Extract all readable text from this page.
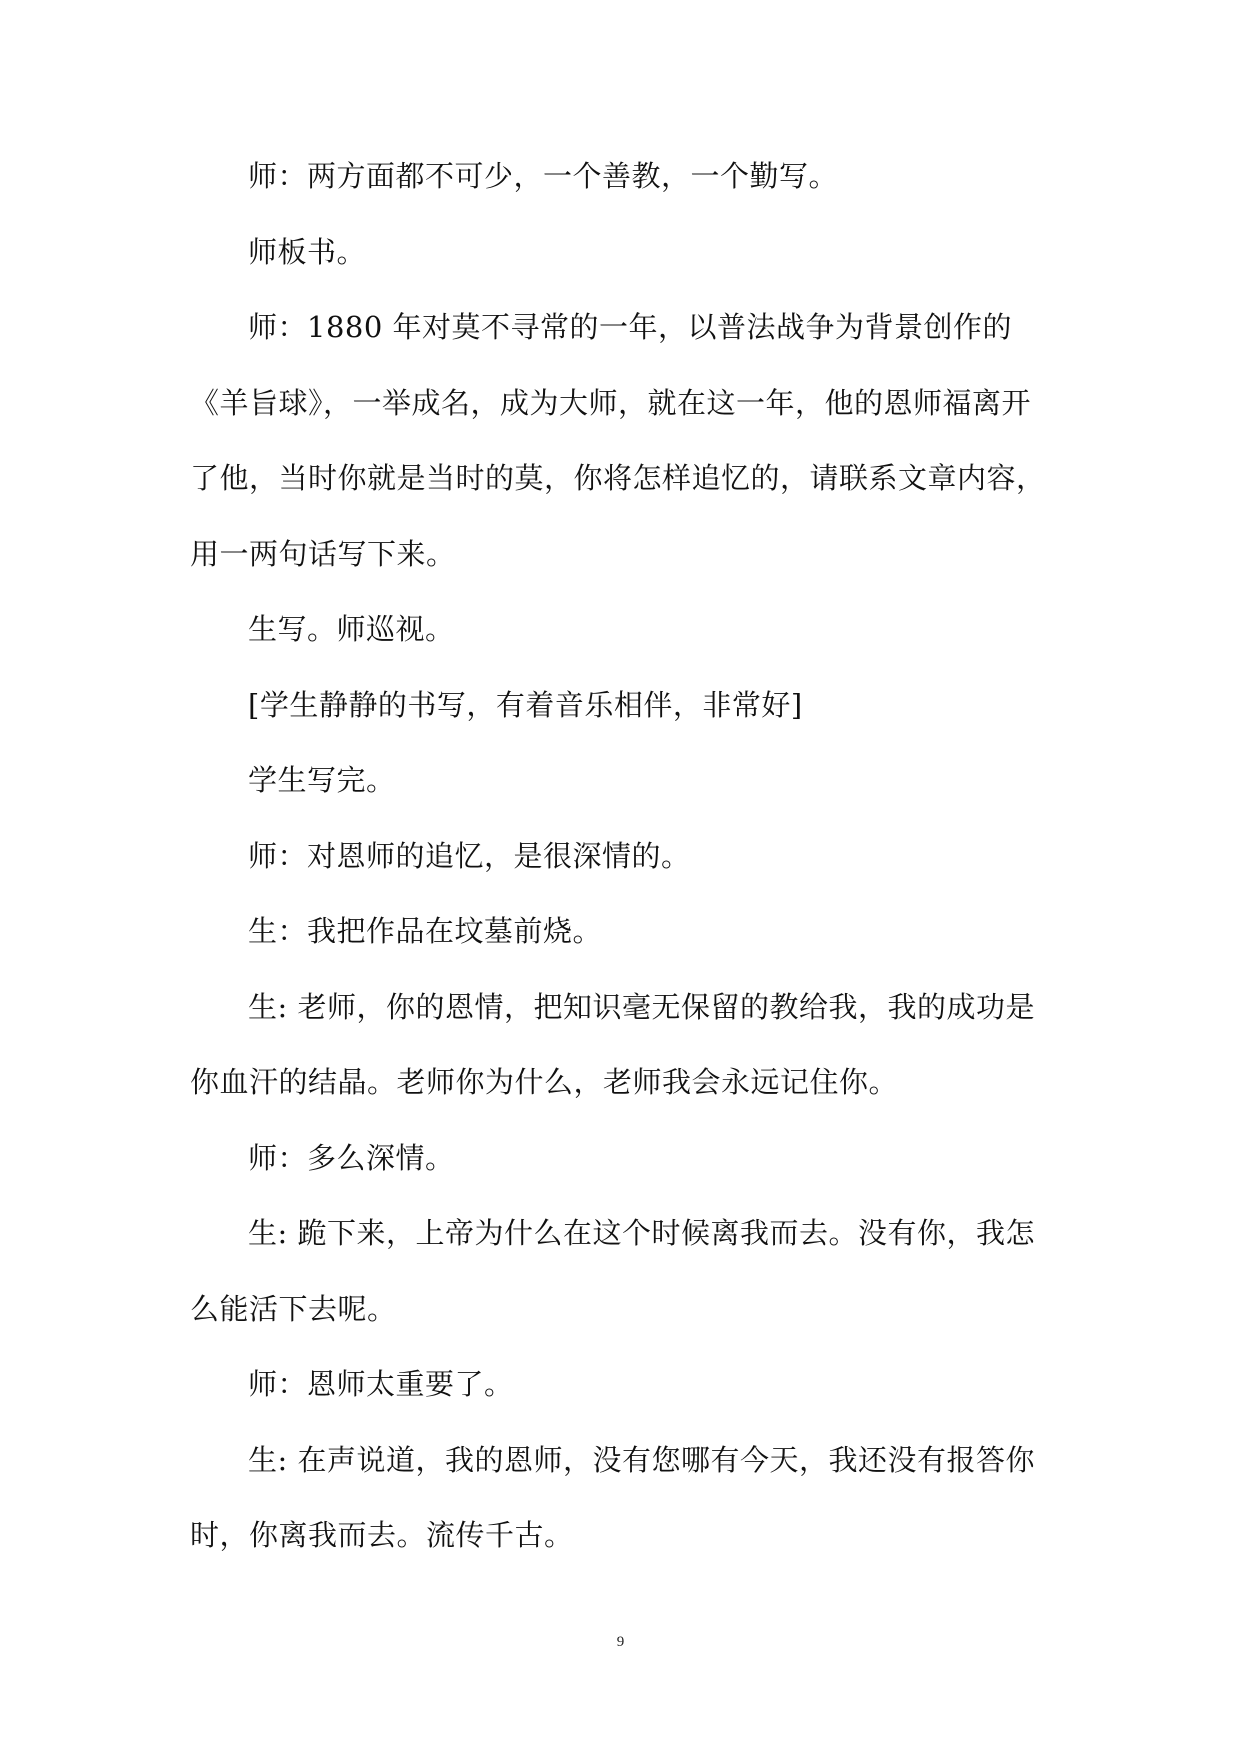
师：两方面都不可少，一个善教，一个勤写。

师板书。

师：1880 年对莫不寻常的一年，以普法战争为背景创作的《羊旨球》，一举成名，成为大师，就在这一年，他的恩师福离开了他，当时你就是当时的莫，你将怎样追忆的，请联系文章内容，用一两句话写下来。

生写。师巡视。

[学生静静的书写，有着音乐相伴，非常好]

学生写完。

师：对恩师的追忆，是很深情的。

生：我把作品在坟墓前烧。

生: 老师，你的恩情，把知识毫无保留的教给我，我的成功是你血汗的结晶。老师你为什么，老师我会永远记住你。

师：多么深情。

生: 跪下来，上帝为什么在这个时候离我而去。没有你，我怎么能活下去呢。

师：恩师太重要了。

生: 在声说道，我的恩师，没有您哪有今天，我还没有报答你时，你离我而去。流传千古。

9
